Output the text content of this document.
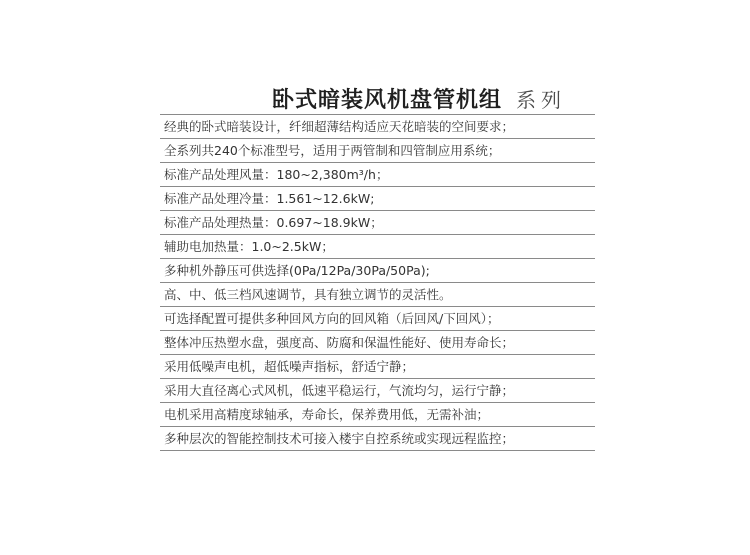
卧式暗装风机盘管机组 系列
经典的卧式暗装设计，纤细超薄结构适应天花暗装的空间要求；
全系列共240个标准型号，适用于两管制和四管制应用系统；
标准产品处理风量：180~2,380m³/h；
标准产品处理冷量：1.561~12.6kW;
标准产品处理热量：0.697~18.9kW；
辅助电加热量：1.0~2.5kW；
多种机外静压可供选择(0Pa/12Pa/30Pa/50Pa);
高、中、低三档风速调节，具有独立调节的灵活性。
可选择配置可提供多种回风方向的回风箱（后回风/下回风）；
整体冲压热塑水盘，强度高、防腐和保温性能好、使用寿命长；
采用低噪声电机，超低噪声指标，舒适宁静；
采用大直径离心式风机，低速平稳运行，气流均匀，运行宁静；
电机采用高精度球轴承，寿命长，保养费用低，无需补油；
多种层次的智能控制技术可接入楼宇自控系统或实现远程监控；
